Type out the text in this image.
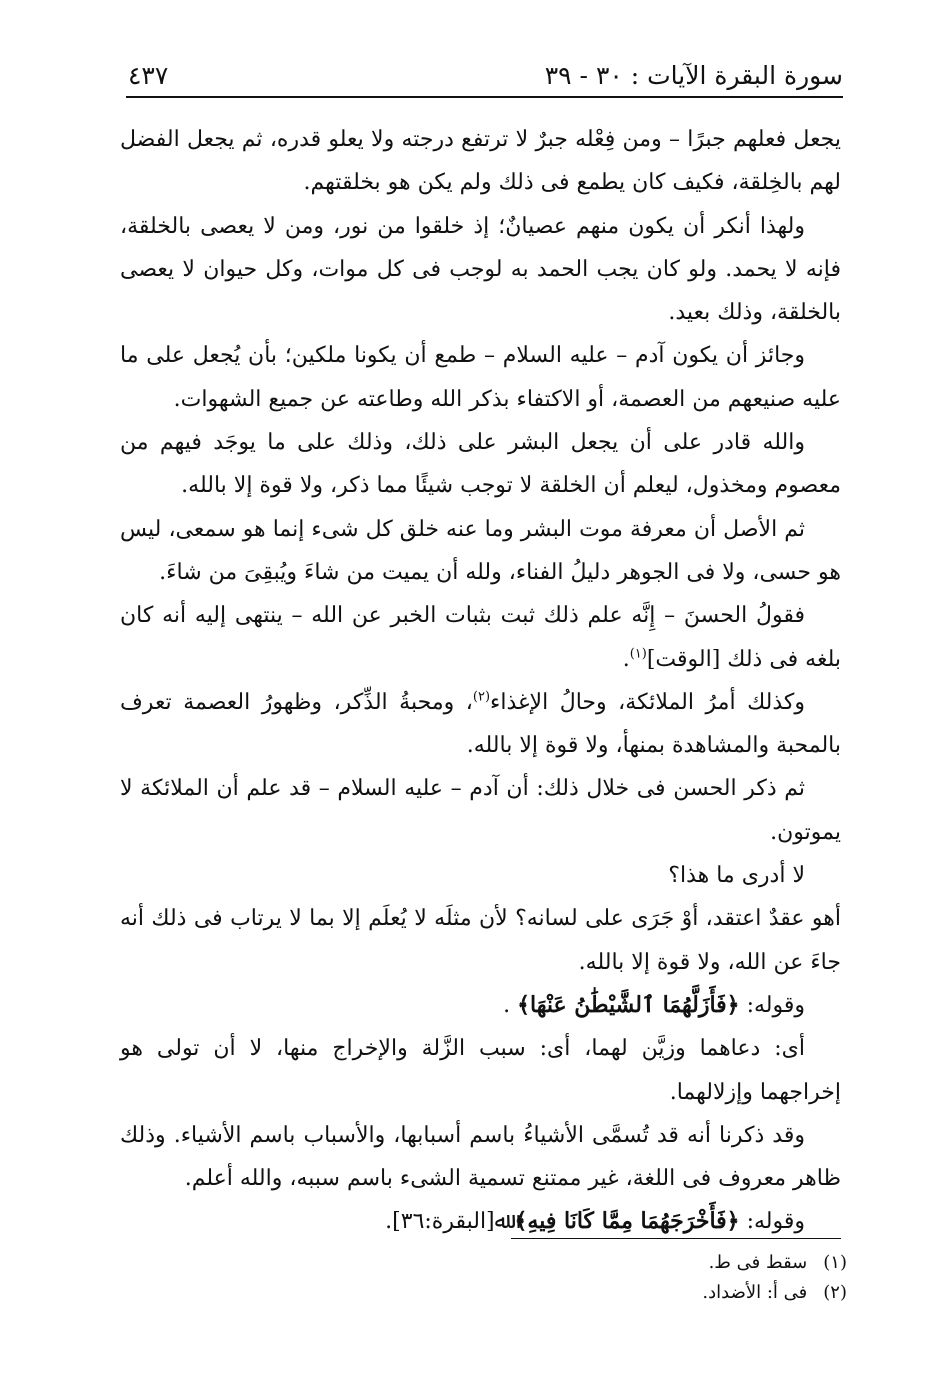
سورة البقرة الآيات : ٣٠ - ٣٩
٤٣٧

يجعل فعلهم جبرًا – ومن فِعْله جبرٌ لا ترتفع درجته ولا يعلو قدره، ثم يجعل الفضل لهم بالخِلقة، فكيف كان يطمع فى ذلك ولم يكن هو بخلقتهم.

ولهذا أنكر أن يكون منهم عصيانٌ؛ إذ خلقوا من نور، ومن لا يعصى بالخلقة، فإنه لا يحمد. ولو كان يجب الحمد به لوجب فى كل موات، وكل حيوان لا يعصى بالخلقة، وذلك بعيد.

وجائز أن يكون آدم – عليه السلام – طمع أن يكونا ملكين؛ بأن يُجعل على ما عليه صنيعهم من العصمة، أو الاكتفاء بذكر الله وطاعته عن جميع الشهوات.

والله قادر على أن يجعل البشر على ذلك، وذلك على ما يوجَد فيهم من معصوم ومخذول، ليعلم أن الخلقة لا توجب شيئًا مما ذكر، ولا قوة إلا بالله.

ثم الأصل أن معرفة موت البشر وما عنه خلق كل شىء إنما هو سمعى، ليس هو حسى، ولا فى الجوهر دليلُ الفناء، ولله أن يميت من شاءَ ويُبقِىَ من شاءَ.

فقولُ الحسنَ – إِنَّه علم ذلك ثبت بثبات الخبر عن الله – ينتهى إليه أنه كان بلغه فى ذلك [الوقت]$^{(١)}$.

وكذلك أمرُ الملائكة، وحالُ الإغذاء$^{(٢)}$، ومحبةُ الذِّكر، وظهورُ العصمة تعرف بالمحبة والمشاهدة بمنهأ، ولا قوة إلا بالله.

ثم ذكر الحسن فى خلال ذلك: أن آدم – عليه السلام – قد علم أن الملائكة لا يموتون.

لا أدرى ما هذا؟

أهو عقدٌ اعتقد، أوْ جَرَى على لسانه؟ لأن مثلَه لا يُعلَم إلا بما لا يرتاب فى ذلك أنه جاءَ عن الله، ولا قوة إلا بالله.

وقوله: ﴿فَأَزَلَّهُمَا ٱلشَّيْطَٰنُ عَنْهَا﴾ .

أى: دعاهما وزيَّن لهما، أى: سبب الزَّلة والإخراج منها، لا أن تولى هو إخراجهما وإزلالهما.

وقد ذكرنا أنه قد تُسمَّى الأشياءُ باسم أسبابها، والأسباب باسم الأشياء. وذلك ظاهر معروف فى اللغة، غير ممتنع تسمية الشىء باسم سببه، والله أعلم.

وقوله: ﴿فَأَخْرَجَهُمَا مِمَّا كَانَا فِيهِ﴾ ﷲ[البقرة:٣٦].

(١) سقط فى ط.

(٢) فى أ: الأضداد.
